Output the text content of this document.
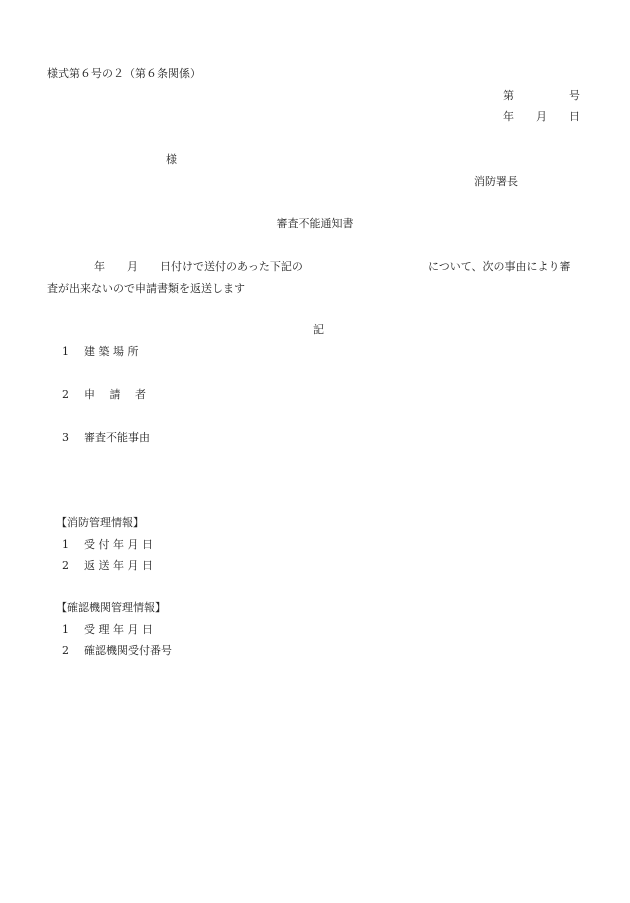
様式第６号の２（第６条関係）
第　　　　　号
年　　月　　日
様
消防署長
審査不能通知書
年　　月　　日付けで送付のあった下記の	について、次の事由により審
査が出来ないので申請書類を返送します
記
1 建 築 場 所
2 申　 請　 者
3 審査不能事由
【消防管理情報】
1 受 付 年 月 日
2 返 送 年 月 日
【確認機関管理情報】
1 受 理 年 月 日
2 確認機関受付番号
